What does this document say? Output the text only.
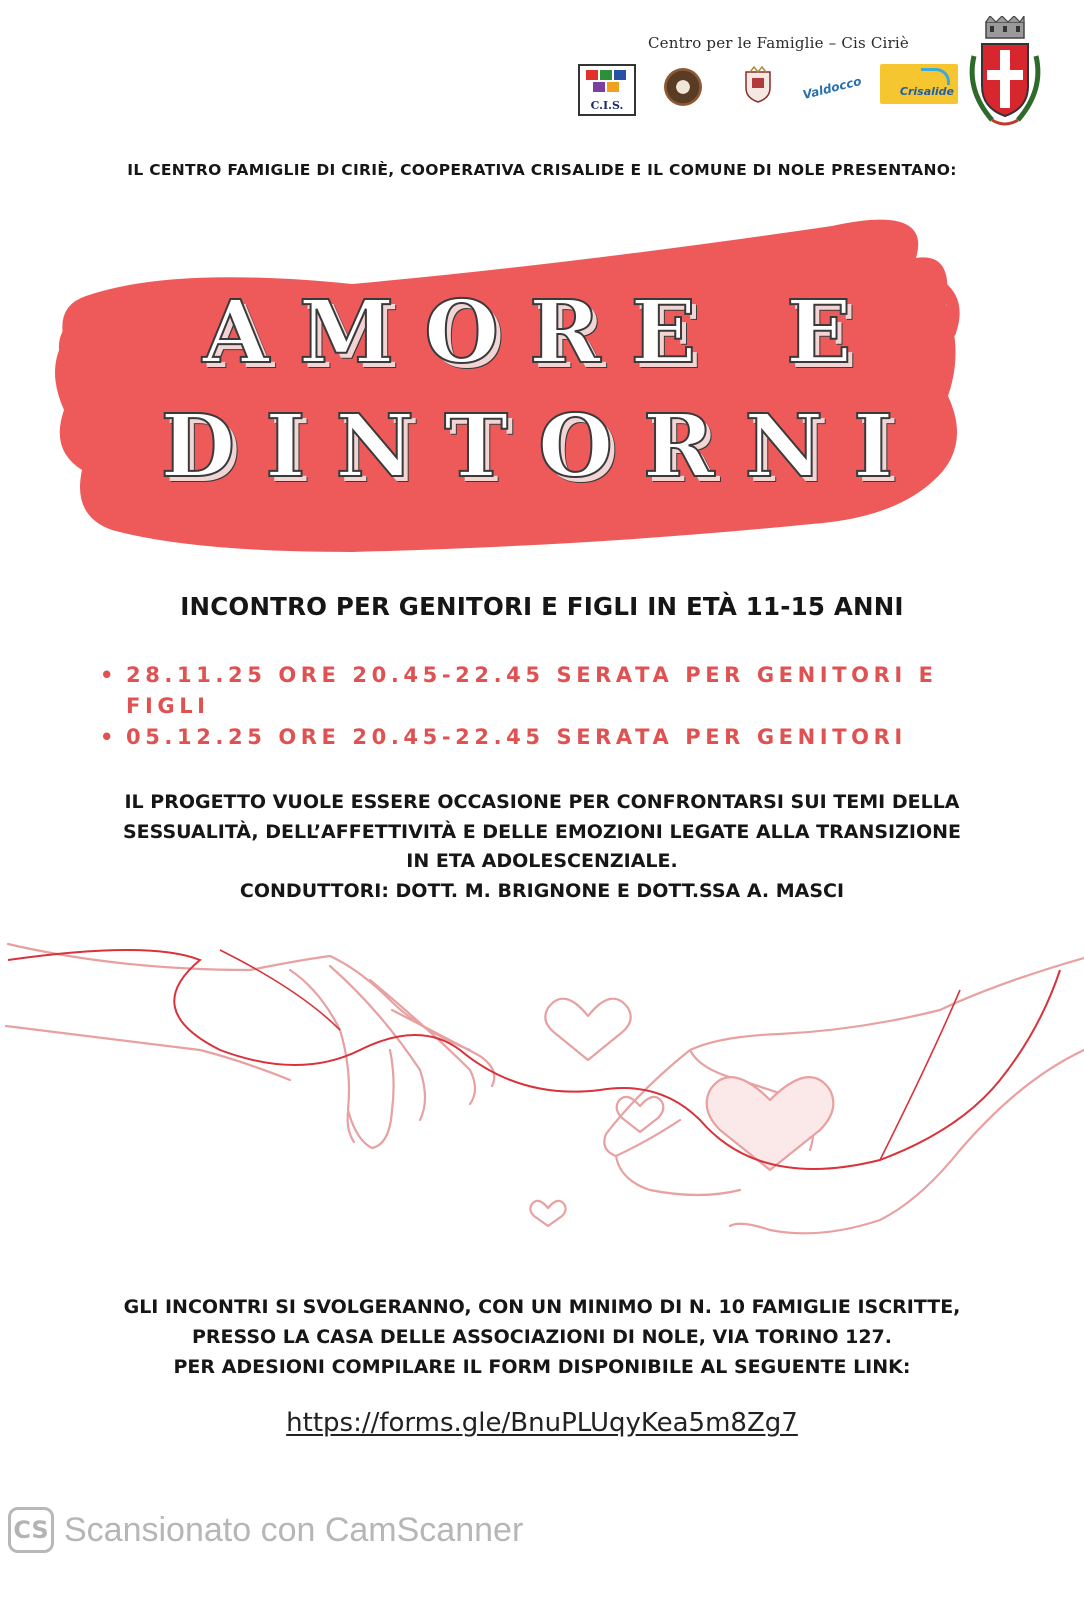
Centro per le Famiglie – Cis Ciriè
C.I.S.
Valdocco	Crisalide
IL CENTRO FAMIGLIE DI CIRIÈ, COOPERATIVA CRISALIDE E IL COMUNE DI NOLE PRESENTANO:
AMORE E
DINTORNI
INCONTRO PER GENITORI E FIGLI IN ETÀ 11-15 ANNI
• 28.11.25 ORE 20.45-22.45 SERATA PER GENITORI E FIGLI
• 05.12.25 ORE 20.45-22.45 SERATA PER GENITORI
IL PROGETTO VUOLE ESSERE OCCASIONE PER CONFRONTARSI SUI TEMI DELLA
SESSUALITÀ, DELL’AFFETTIVITÀ E DELLE EMOZIONI LEGATE ALLA TRANSIZIONE
IN ETA ADOLESCENZIALE.
CONDUTTORI: DOTT. M. BRIGNONE E DOTT.SSA A. MASCI
GLI INCONTRI SI SVOLGERANNO, CON UN MINIMO DI N. 10 FAMIGLIE ISCRITTE,
PRESSO LA CASA DELLE ASSOCIAZIONI DI NOLE, VIA TORINO 127.
PER ADESIONI COMPILARE IL FORM DISPONIBILE AL SEGUENTE LINK:
https://forms.gle/BnuPLUqyKea5m8Zg7
CS Scansionato con CamScanner
